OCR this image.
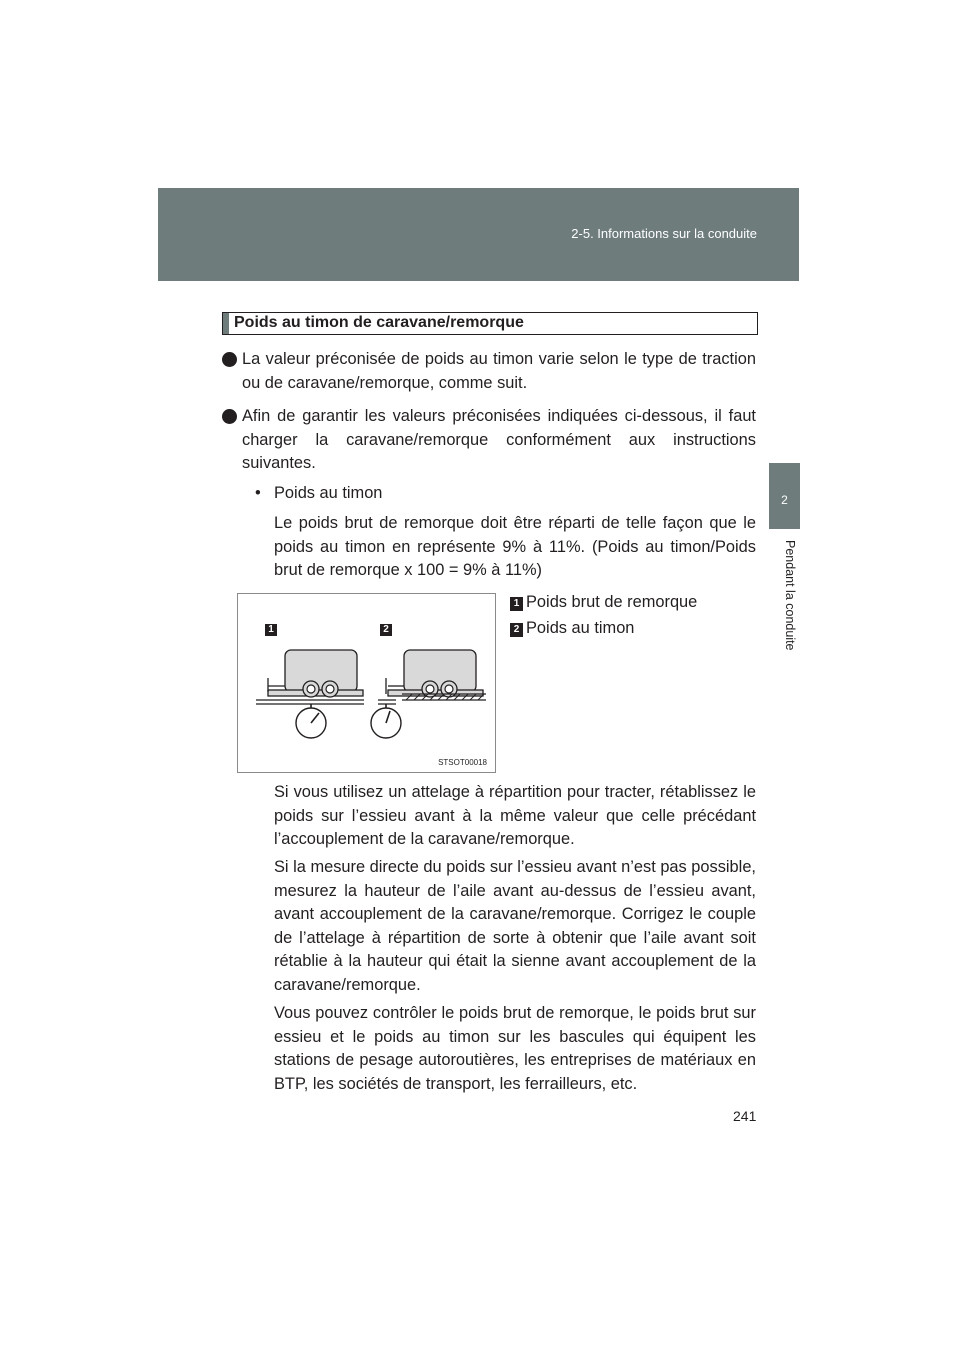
2-5. Informations sur la conduite
2
Pendant la conduite
Poids au timon de caravane/remorque

La valeur préconisée de poids au timon varie selon le type de traction ou de caravane/remorque, comme suit.

Afin de garantir les valeurs préconisées indiquées ci-dessous, il faut charger la caravane/remorque conformément aux instructions suivantes.

• Poids au timon

Le poids brut de remorque doit être réparti de telle façon que le poids au timon en représente 9% à 11%. (Poids au timon/Poids brut de remorque x 100 = 9% à 11%)

1	2
STSOT00018
1 Poids brut de remorque
2 Poids au timon

Si vous utilisez un attelage à répartition pour tracter, rétablissez le poids sur l’essieu avant à la même valeur que celle précédant l’accouplement de la caravane/remorque.

Si la mesure directe du poids sur l’essieu avant n’est pas possible, mesurez la hauteur de l’aile avant au-dessus de l’essieu avant, avant accouplement de la caravane/remorque. Corrigez le couple de l’attelage à répartition de sorte à obtenir que l’aile avant soit rétablie à la hauteur qui était la sienne avant accouplement de la caravane/remorque.

Vous pouvez contrôler le poids brut de remorque, le poids brut sur essieu et le poids au timon sur les bascules qui équipent les stations de pesage autoroutières, les entreprises de matériaux en BTP, les sociétés de transport, les ferrailleurs, etc.

241
